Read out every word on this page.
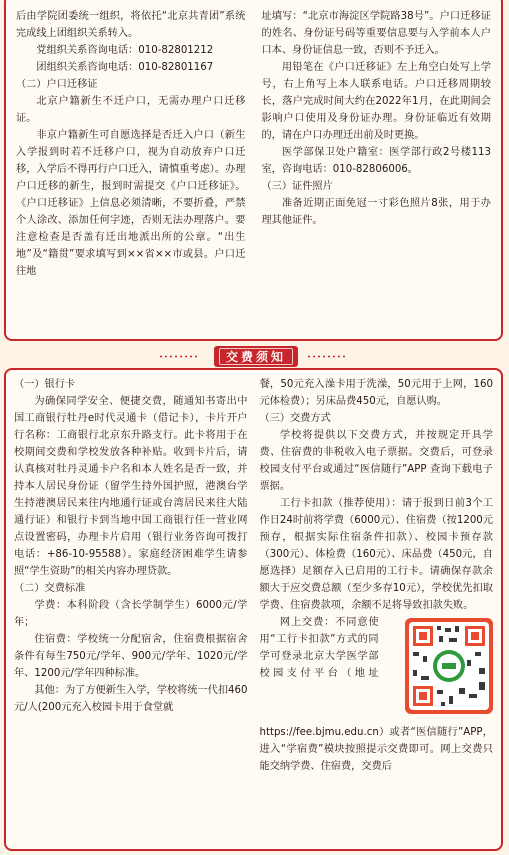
后由学院团委统一组织，将依托“北京共青团”系统完成线上团组织关系转入。

党组织关系咨询电话：010-82801212

团组织关系咨询电话：010-82801167

（二）户口迁移证

北京户籍新生不迁户口，无需办理户口迁移证。

非京户籍新生可自愿选择是否迁入户口（新生入学报到时若不迁移户口，视为自动放弃户口迁移，入学后不得再行户口迁入，请慎重考虑）。办理户口迁移的新生，报到时需提交《户口迁移证》。《户口迁移证》上信息必须清晰，不要折叠，严禁个人涂改、添加任何字迹，否则无法办理落户。要注意检查是否盖有迁出地派出所的公章。“出生地”及“籍贯”要求填写到××省××市或县。户口迁往地

址填写：“北京市海淀区学院路38号”。户口迁移证的姓名、身份证号码等重要信息要与入学前本人户口本、身份证信息一致，否则不予迁入。

用铅笔在《户口迁移证》左上角空白处写上学号，右上角写上本人联系电话。户口迁移周期较长，落户完成时间大约在2022年1月，在此期间会影响户口使用及身份证办理。身份证临近有效期的，请在户口办理迁出前及时更换。

医学部保卫处户籍室：医学部行政2号楼113室，咨询电话：010-82806006。

（三）证件照片

准备近期正面免冠一寸彩色照片8张，用于办理其他证件。

交费须知

（一）银行卡

为确保同学安全、便捷交费，随通知书寄出中国工商银行牡丹e时代灵通卡（借记卡），卡片开户行名称：工商银行北京东升路支行。此卡将用于在校期间交费和学校发放各种补贴。收到卡片后，请认真核对牡丹灵通卡户名和本人姓名是否一致，并持本人居民身份证（留学生持外国护照，港澳台学生持港澳居民来往内地通行证或台湾居民来往大陆通行证）和银行卡到当地中国工商银行任一营业网点设置密码，办理卡片启用（银行业务咨询可拨打电话：+86-10-95588）。家庭经济困难学生请参照“学生资助”的相关内容办理贷款。

（二）交费标准

学费：本科阶段（含长学制学生）6000元/学年；

住宿费：学校统一分配宿舍，住宿费根据宿舍条件有每生750元/学年、900元/学年、1020元/学年、1200元/学年四种标准。

其他：为了方便新生入学，学校将统一代扣460元/人(200元充入校园卡用于食堂就

餐，50元充入澡卡用于洗澡，50元用于上网，160元体检费）；另床品费450元，自愿认购。

（三）交费方式

学校将提供以下交费方式，并按规定开具学费、住宿费的非税收入电子票据。交费后，可登录校园支付平台或通过“医信随行”APP 查询下载电子票据。

工行卡扣款（推荐使用）：请于报到日前3个工作日24时前将学费（6000元）、住宿费（按1200元预存，根据实际住宿条件扣款）、校园卡预存款（300元）、体检费（160元）、床品费（450元，自愿选择）足额存入已启用的工行卡。请确保存款余额大于应交费总额（至少多存10元），学校优先扣取学费、住宿费款项，余额不足将导致扣款失败。

网上交费：不同意使用“工行卡扣款”方式的同学可登录北京大学医学部校园支付平台（地址https://fee.bjmu.edu.cn）或者“医信随行”APP，进入“学宿费”模块按照提示交费即可。网上交费只能交纳学费、住宿费，交费后
